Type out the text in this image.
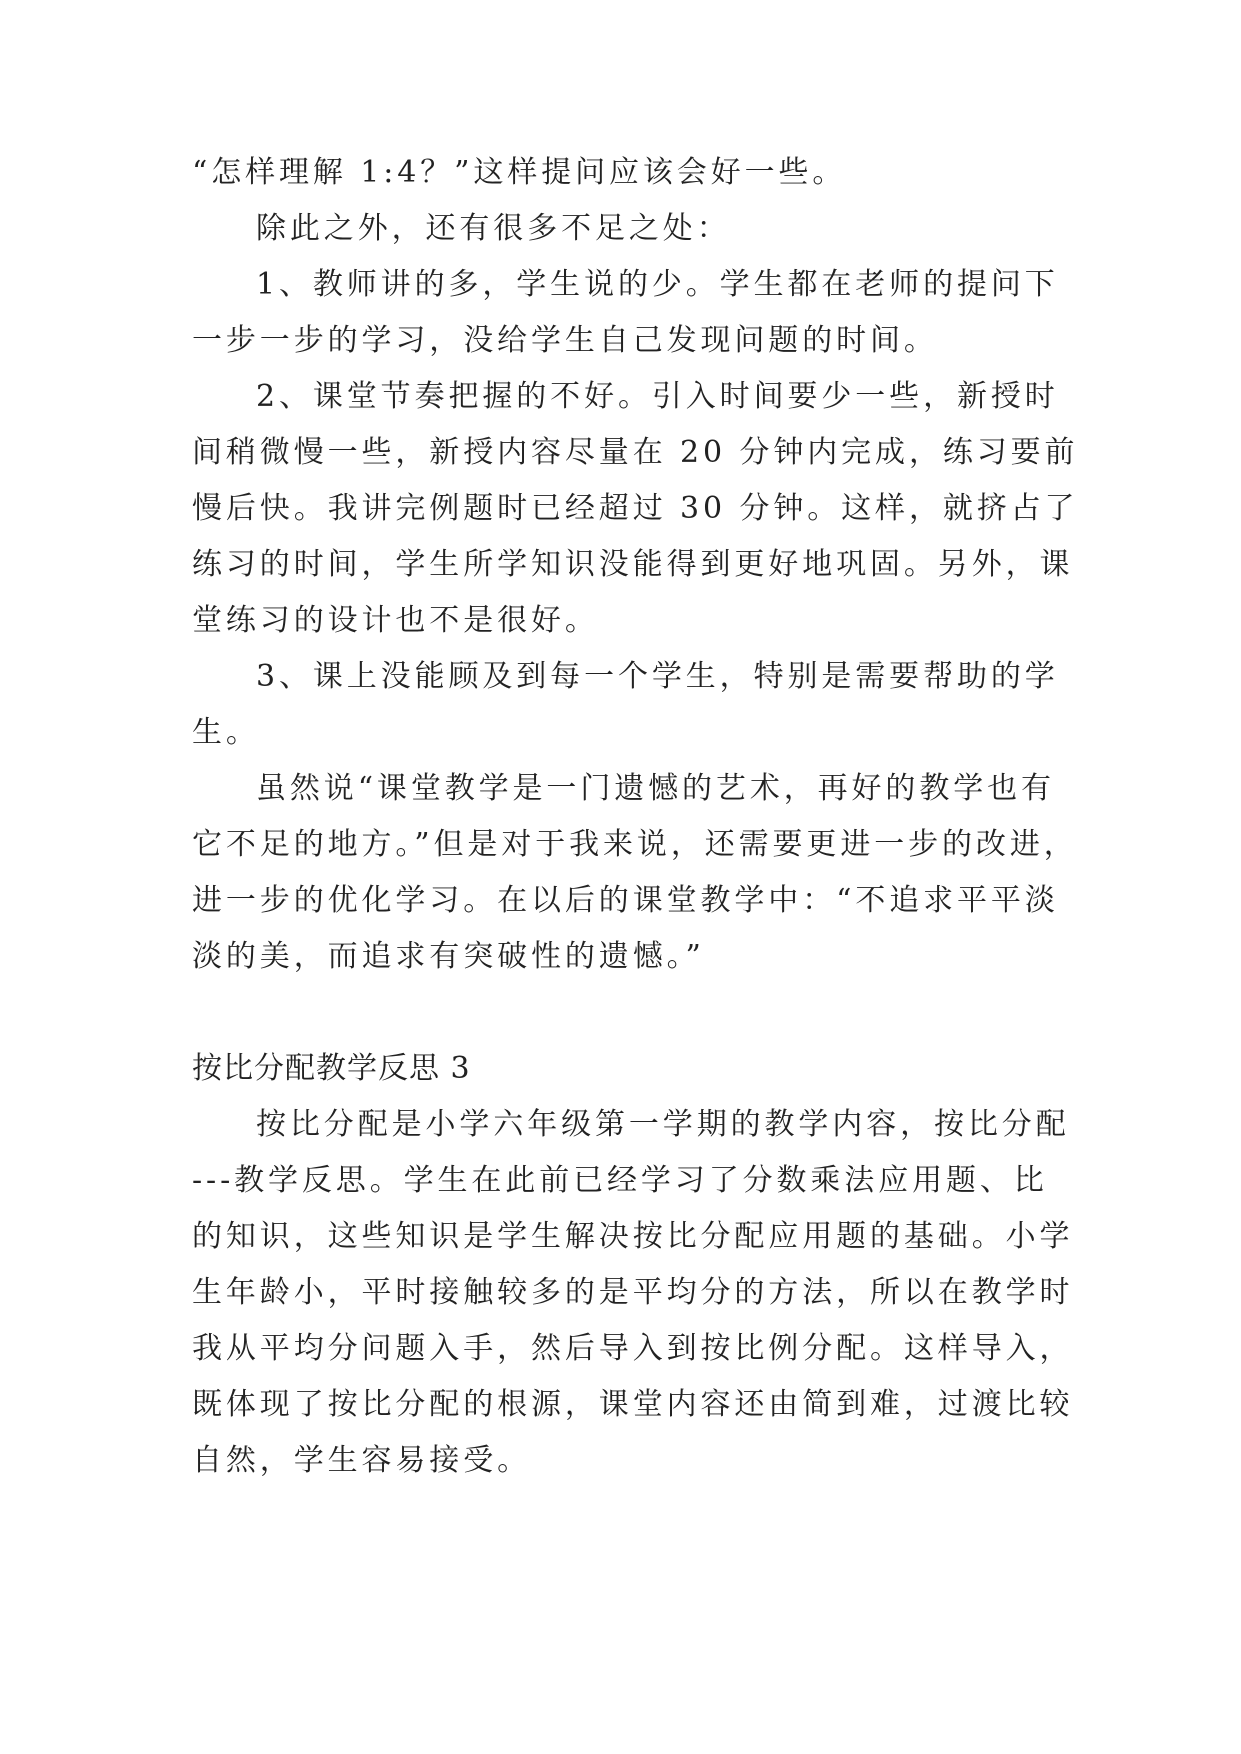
“怎样理解 1:4？”这样提问应该会好一些。
除此之外，还有很多不足之处：
1、教师讲的多，学生说的少。学生都在老师的提问下
一步一步的学习，没给学生自己发现问题的时间。
2、课堂节奏把握的不好。引入时间要少一些，新授时
间稍微慢一些，新授内容尽量在 20 分钟内完成，练习要前
慢后快。我讲完例题时已经超过 30 分钟。这样，就挤占了
练习的时间，学生所学知识没能得到更好地巩固。另外，课
堂练习的设计也不是很好。
3、课上没能顾及到每一个学生，特别是需要帮助的学
生。
虽然说“课堂教学是一门遗憾的艺术，再好的教学也有
它不足的地方。”但是对于我来说，还需要更进一步的改进，
进一步的优化学习。在以后的课堂教学中：“不追求平平淡
淡的美，而追求有突破性的遗憾。”
按比分配教学反思 3
按比分配是小学六年级第一学期的教学内容，按比分配
---教学反思。学生在此前已经学习了分数乘法应用题、比
的知识，这些知识是学生解决按比分配应用题的基础。小学
生年龄小，平时接触较多的是平均分的方法，所以在教学时
我从平均分问题入手，然后导入到按比例分配。这样导入，
既体现了按比分配的根源，课堂内容还由简到难，过渡比较
自然，学生容易接受。
